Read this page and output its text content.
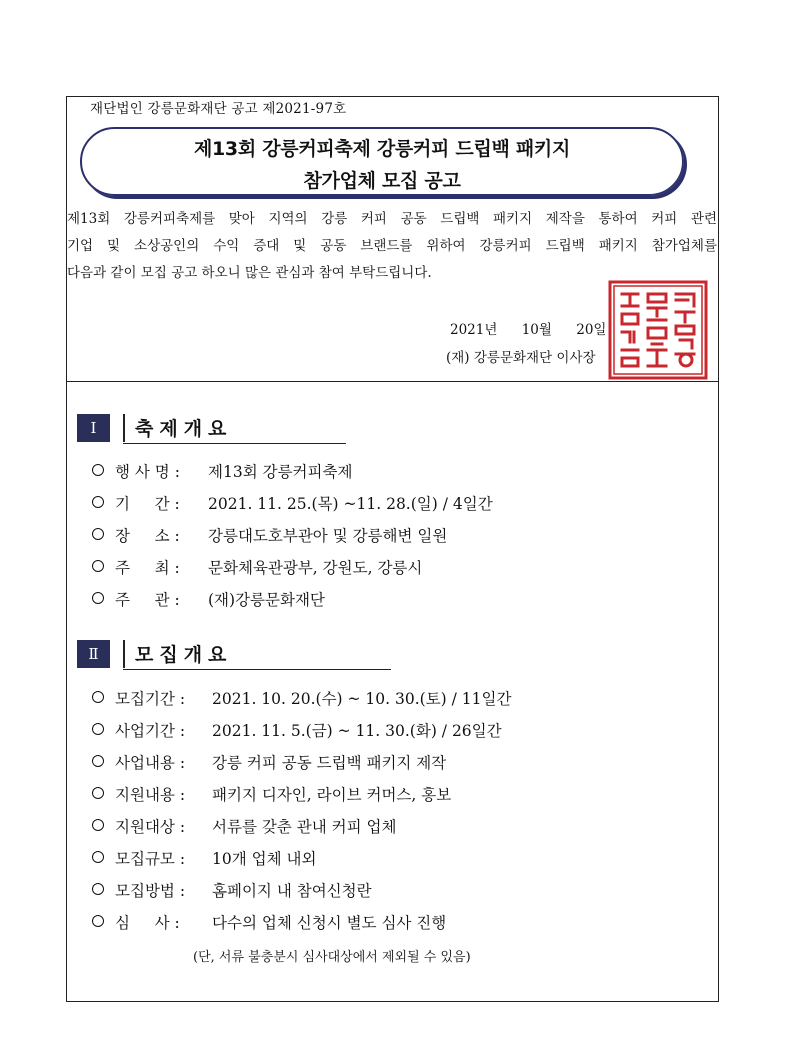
재단법인 강릉문화재단 공고 제2021-97호
제13회 강릉커피축제 강릉커피 드립백 패키지
참가업체 모집 공고
제13회 강릉커피축제를 맞아 지역의 강릉 커피 공동 드립백 패키지 제작을 통하여 커피 관련
기업 및 소상공인의 수익 증대 및 공동 브랜드를 위하여 강릉커피 드립백 패키지 참가업체를
다음과 같이 모집 공고 하오니 많은 관심과 참여 부탁드립니다.
2021년 10월 20일
(재) 강릉문화재단 이사장
Ⅰ	축제개요
행 사 명 : 제13회 강릉커피축제
기     간 : 2021. 11. 25.(목) ~11. 28.(일) / 4일간
장     소 : 강릉대도호부관아 및 강릉해변 일원
주     최 : 문화체육관광부, 강원도, 강릉시
주     관 : (재)강릉문화재단
Ⅱ	모집개요
모집기간 : 2021. 10. 20.(수) ~ 10. 30.(토) / 11일간
사업기간 : 2021. 11. 5.(금) ~ 11. 30.(화) / 26일간
사업내용 : 강릉 커피 공동 드립백 패키지 제작
지원내용 : 패키지 디자인, 라이브 커머스, 홍보
지원대상 : 서류를 갖춘 관내 커피 업체
모집규모 : 10개 업체 내외
모집방법 : 홈페이지 내 참여신청란
심     사 : 다수의 업체 신청시 별도 심사 진행
(단, 서류 불충분시 심사대상에서 제외될 수 있음)
